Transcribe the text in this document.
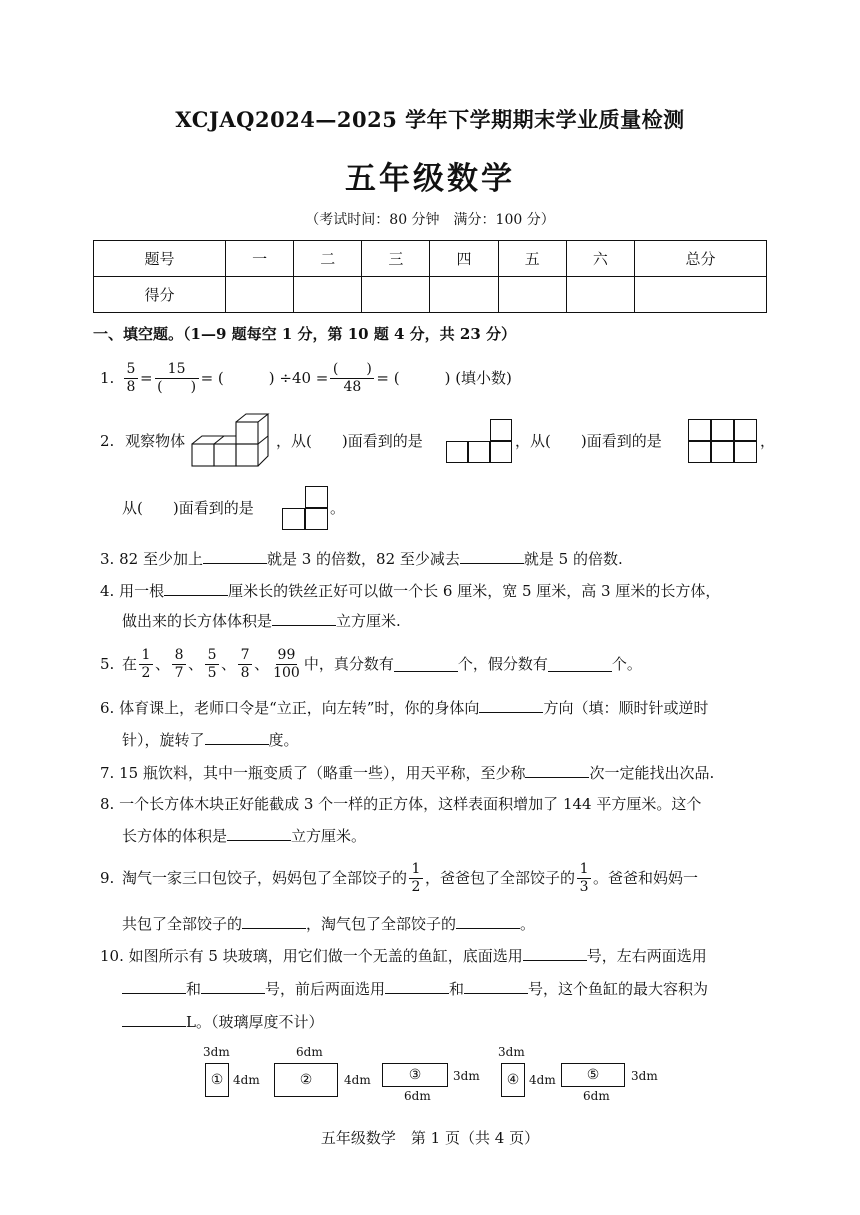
XCJAQ2024—2025 学年下学期期末学业质量检测
五年级数学
（考试时间：80 分钟　满分：100 分）
题号	一	二	三	四	五	六	总分
得分							
一、填空题。（1—9 题每空 1 分，第 10 题 4 分，共 23 分）
1. $\frac{5}{8} = \frac{15}{( )}$ = (　　　) $\div 40 = \frac{( )}{48}$ = (　　　) (填小数)
2. 观察物体	，从(　　)面看到的是	，从(　　)面看到的是	，
从(　　)面看到的是	。
3. 82 至少加上	就是 3 的倍数，82 至少减去	就是 5 的倍数.
4. 用一根	厘米长的铁丝正好可以做一个长 6 厘米，宽 5 厘米，高 3 厘米的长方体，
做出来的长方体体积是	立方厘米.
5. 在 $\frac{1}{2}$ 、 $\frac{8}{7}$ 、 $\frac{5}{5}$ 、 $\frac{7}{8}$ 、 $\frac{99}{100}$ 中，真分数有	个，假分数有	个。
6. 体育课上，老师口令是“立正，向左转”时，你的身体向	方向（填：顺时针或逆时
针），旋转了	度。
7. 15 瓶饮料，其中一瓶变质了（略重一些），用天平称，至少称	次一定能找出次品.
8. 一个长方体木块正好能截成 3 个一样的正方体，这样表面积增加了 144 平方厘米。这个
长方体的体积是	立方厘米。
9. 淘气一家三口包饺子，妈妈包了全部饺子的 $\frac{1}{2}$ ，爸爸包了全部饺子的 $\frac{1}{3}$ 。爸爸和妈妈一
共包了全部饺子的	，淘气包了全部饺子的	。
10. 如图所示有 5 块玻璃，用它们做一个无盖的鱼缸，底面选用	号，左右两面选用
和	号，前后两面选用	和	号，这个鱼缸的最大容积为
L。（玻璃厚度不计）
3dm
① 4dm
6dm
②	4dm	③	3dm
6dm
3dm
④ 4dm	⑤	3dm
6dm
五年级数学　第 1 页（共 4 页）
